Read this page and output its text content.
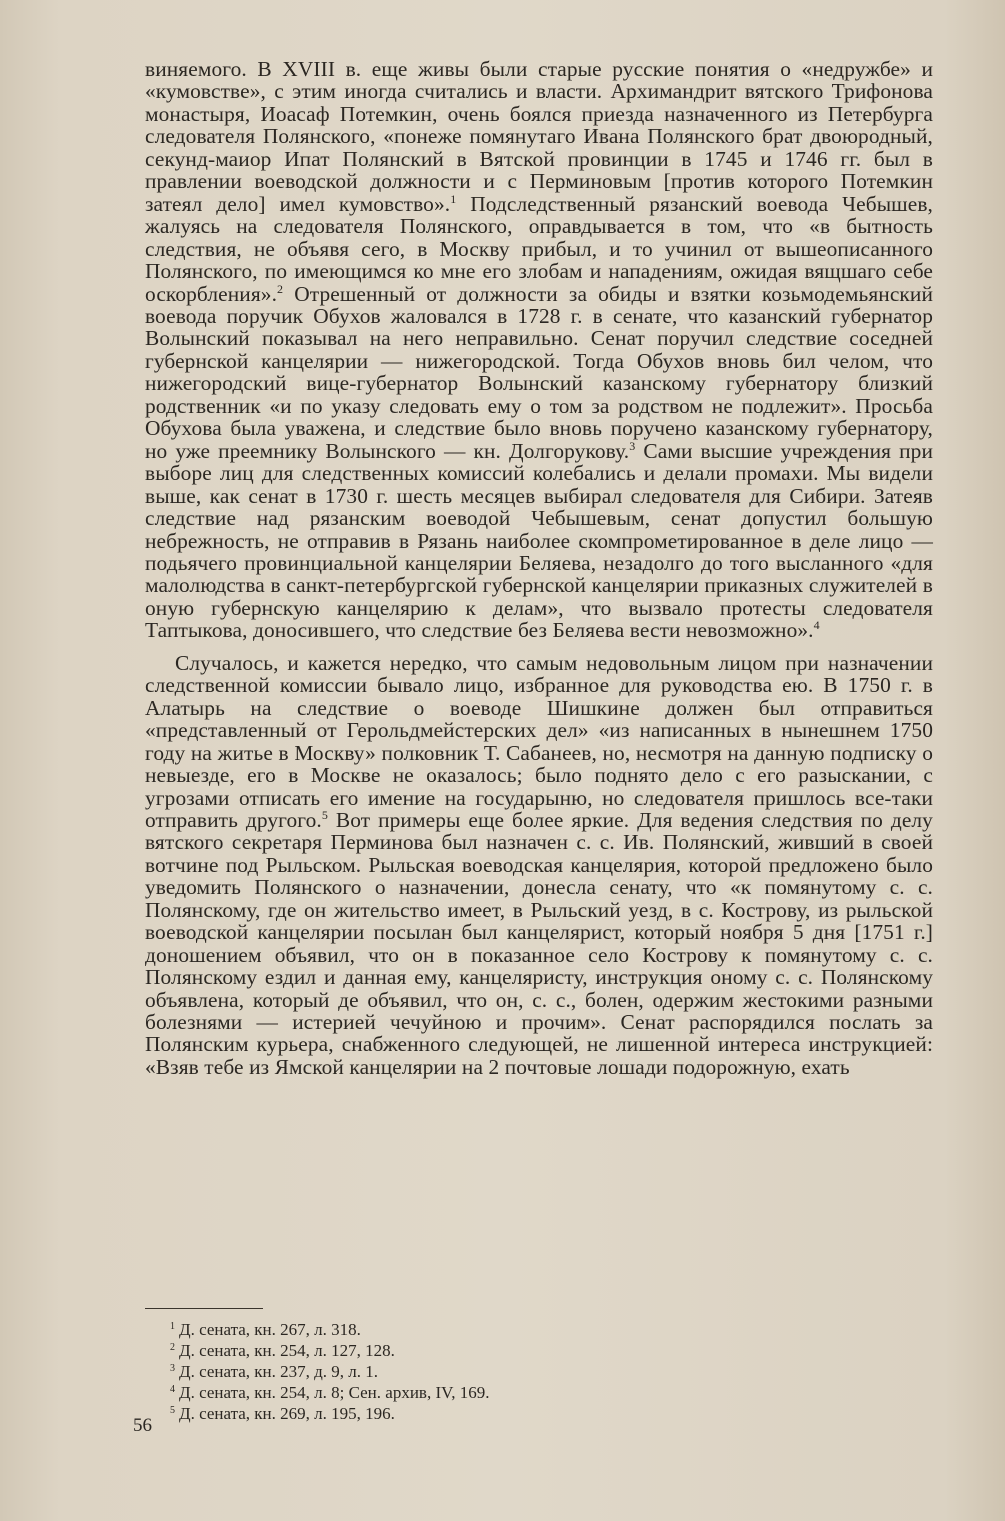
виняемого. В XVIII в. еще живы были старые русские понятия о «недружбе» и «кумовстве», с этим иногда считались и власти. Архимандрит вятского Трифонова монастыря, Иоасаф Потемкин, очень боялся приезда назначенного из Петербурга следователя Полянского, «понеже помянутаго Ивана Полянского брат двоюродный, секунд-маиор Ипат Полянский в Вятской провинции в 1745 и 1746 гг. был в правлении воеводской должности и с Перминовым [против которого Потемкин затеял дело] имел кумовство».$^1$ Подследственный рязанский воевода Чебышев, жалуясь на следователя Полянского, оправдывается в том, что «в бытность следствия, не объявя сего, в Москву прибыл, и то учинил от вышеописанного Полянского, по имеющимся ко мне его злобам и нападениям, ожидая вящшаго себе оскорбления».$^2$ Отрешенный от должности за обиды и взятки козьмодемьянский воевода поручик Обухов жаловался в 1728 г. в сенате, что казанский губернатор Волынский показывал на него неправильно. Сенат поручил следствие соседней губернской канцелярии — нижегородской. Тогда Обухов вновь бил челом, что нижегородский вице-губернатор Волынский казанскому губернатору близкий родственник «и по указу следовать ему о том за родством не подлежит». Просьба Обухова была уважена, и следствие было вновь поручено казанскому губернатору, но уже преемнику Волынского — кн. Долгорукову.$^3$ Сами высшие учреждения при выборе лиц для следственных комиссий колебались и делали промахи. Мы видели выше, как сенат в 1730 г. шесть месяцев выбирал следователя для Сибири. Затеяв следствие над рязанским воеводой Чебышевым, сенат допустил большую небрежность, не отправив в Рязань наиболее скомпрометированное в деле лицо — подьячего провинциальной канцелярии Беляева, незадолго до того высланного «для малолюдства в санкт-петербургской губернской канцелярии приказных служителей в оную губернскую канцелярию к делам», что вызвало протесты следователя Таптыкова, доносившего, что следствие без Беляева вести невозможно».$^4$

Случалось, и кажется нередко, что самым недовольным лицом при назначении следственной комиссии бывало лицо, избранное для руководства ею. В 1750 г. в Алатырь на следствие о воеводе Шишкине должен был отправиться «представленный от Герольдмейстерских дел» «из написанных в нынешнем 1750 году на житье в Москву» полковник Т. Сабанеев, но, несмотря на данную подписку о невыезде, его в Москве не оказалось; было поднято дело с его разыскании, с угрозами отписать его имение на государыню, но следователя пришлось все-таки отправить другого.$^5$ Вот примеры еще более яркие. Для ведения следствия по делу вятского секретаря Перминова был назначен с. с. Ив. Полянский, живший в своей вотчине под Рыльском. Рыльская воеводская канцелярия, которой предложено было уведомить Полянского о назначении, донесла сенату, что «к помянутому с. с. Полянскому, где он жительство имеет, в Рыльский уезд, в с. Кострову, из рыльской воеводской канцелярии посылан был канцелярист, который ноября 5 дня [1751 г.] доношением объявил, что он в показанное село Кострову к помянутому с. с. Полянскому ездил и данная ему, канцеляристу, инструкция оному с. с. Полянскому объявлена, который де объявил, что он, с. с., болен, одержим жестокими разными болезнями — истерией чечуйною и прочим». Сенат распорядился послать за Полянским курьера, снабженного следующей, не лишенной интереса инструкцией: «Взяв тебе из Ямской канцелярии на 2 почтовые лошади подорожную, ехать

$^1$ Д. сената, кн. 267, л. 318.
$^2$ Д. сената, кн. 254, л. 127, 128.
$^3$ Д. сената, кн. 237, д. 9, л. 1.
$^4$ Д. сената, кн. 254, л. 8; Сен. архив, IV, 169.
$^5$ Д. сената, кн. 269, л. 195, 196.
56
